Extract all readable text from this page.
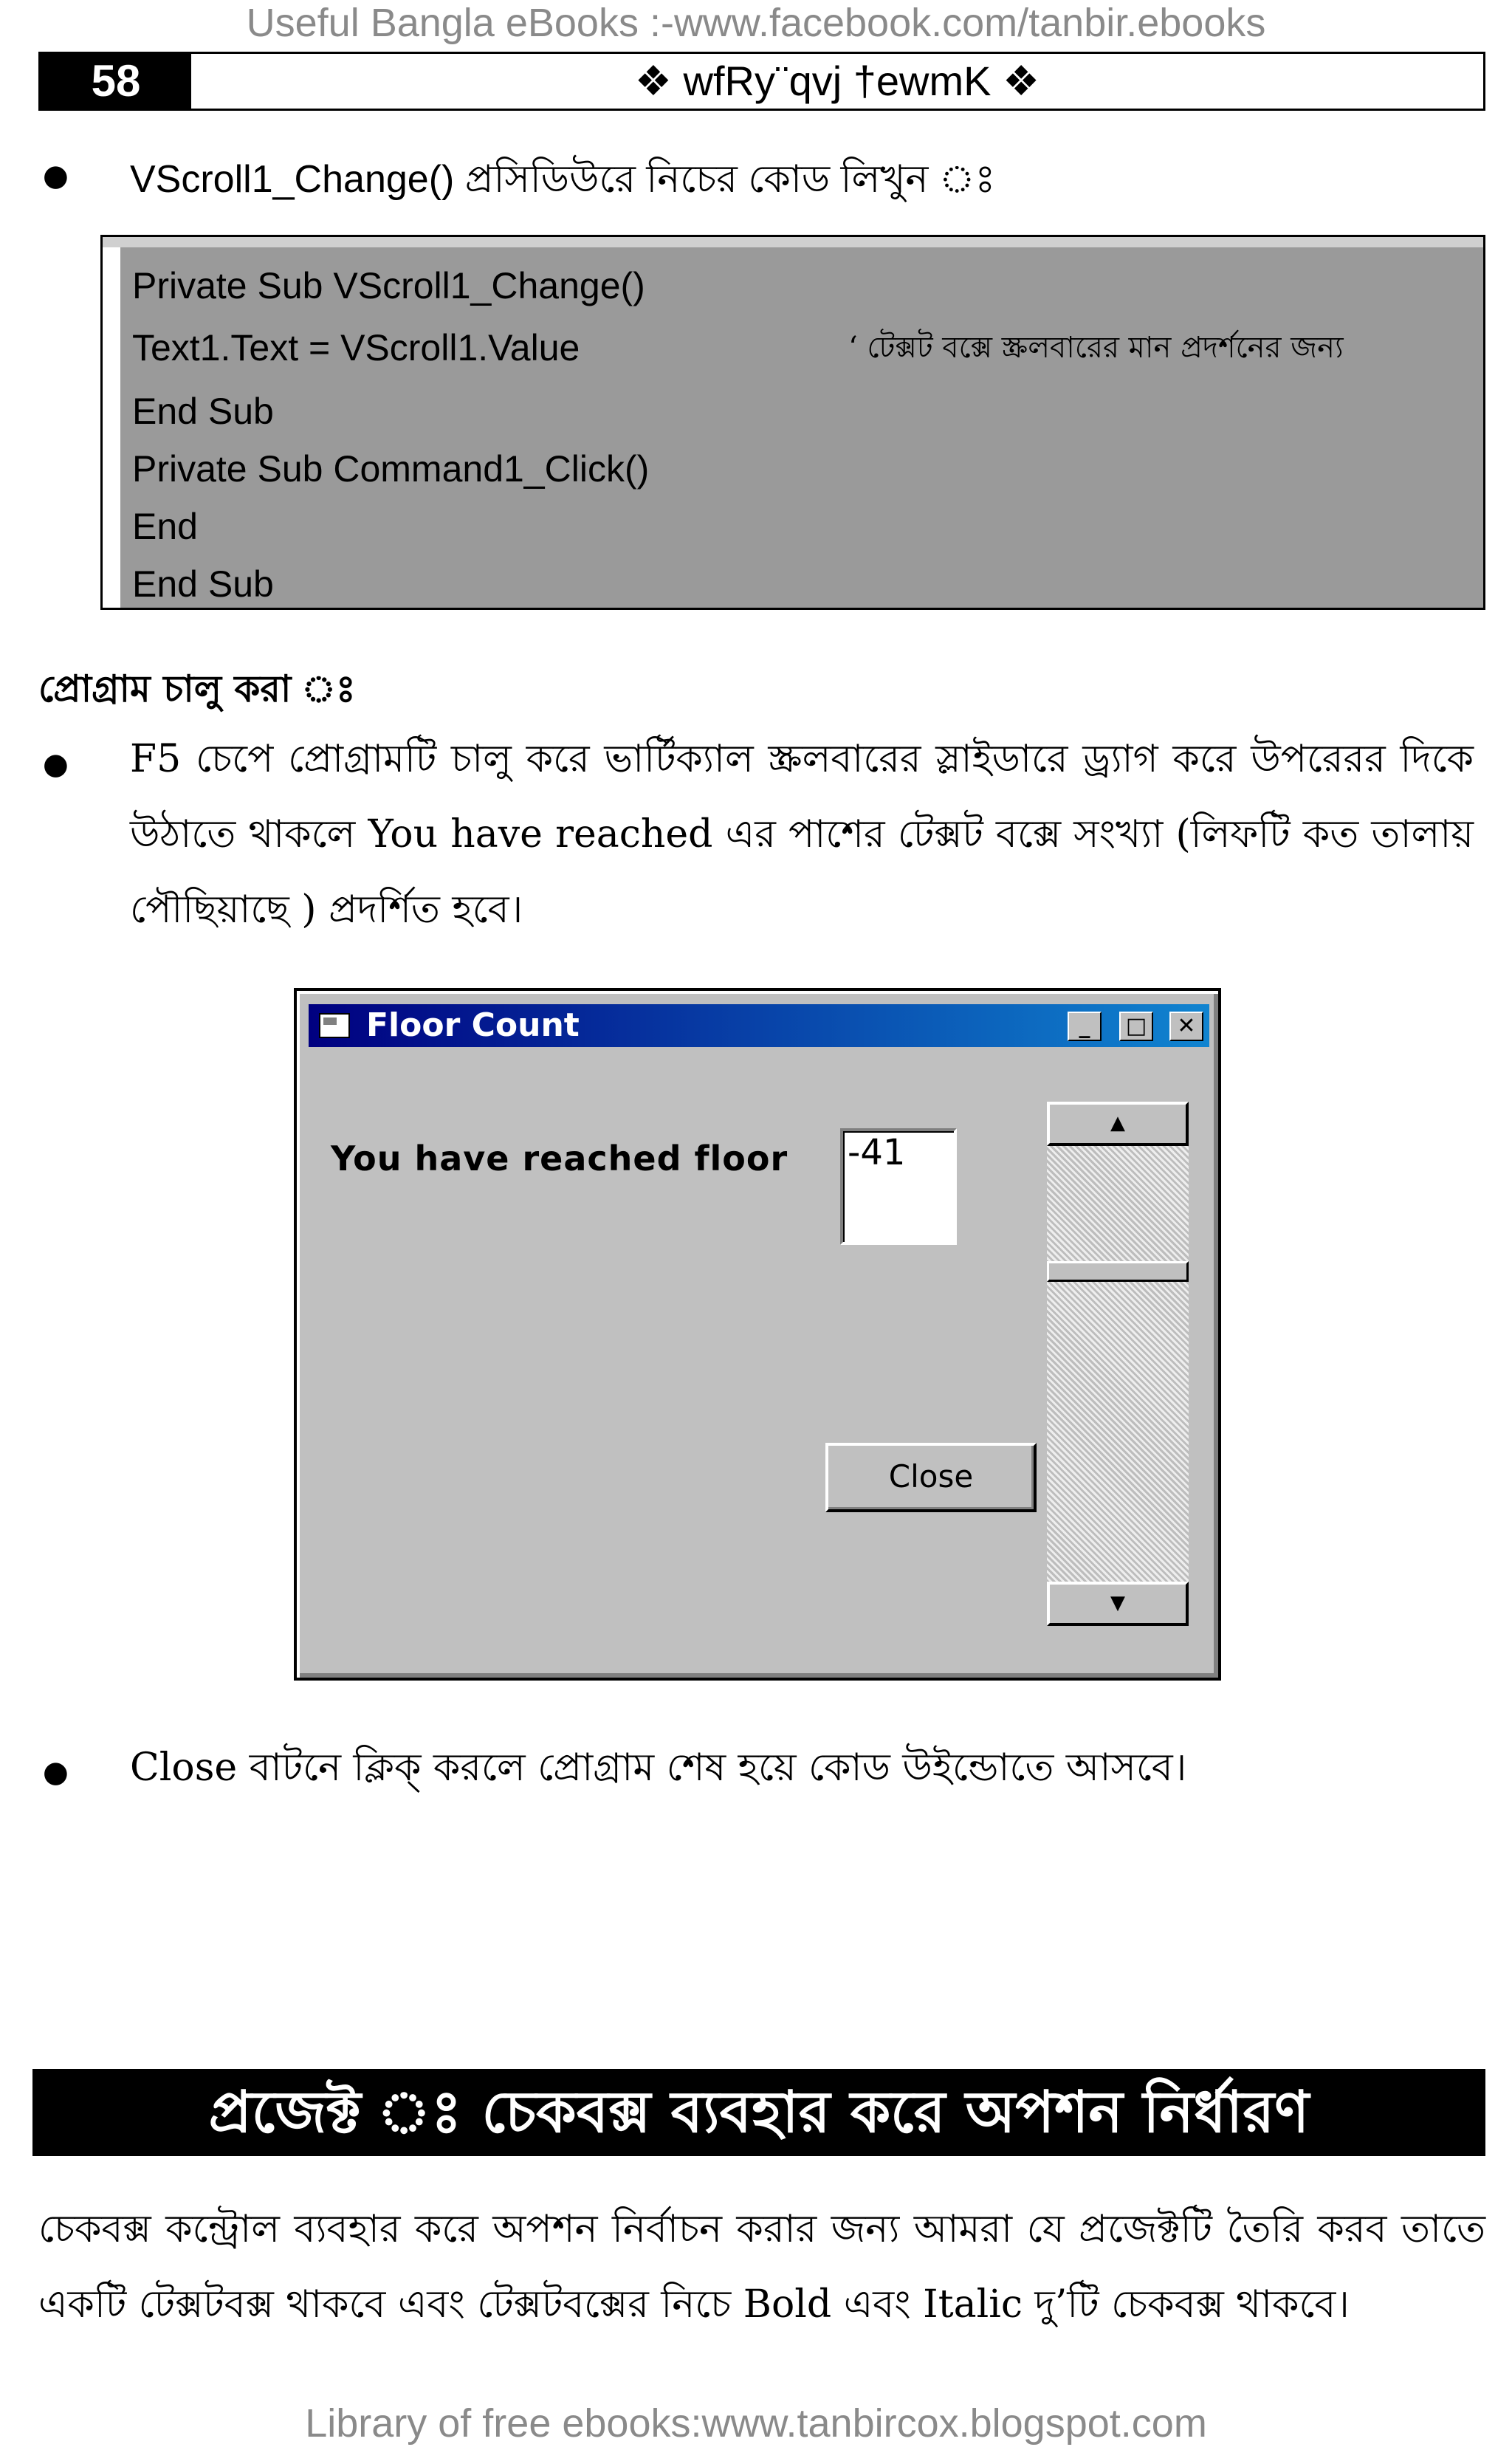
Useful Bangla eBooks :-www.facebook.com/tanbir.ebooks
58	❖ wfRy¨qvj †ewmK ❖
● VScroll1_Change() প্রসিডিউরে নিচের কোড লিখুন ঃ
Private Sub VScroll1_Change()
Text1.Text = VScroll1.Value	‘ টেক্সট বক্সে স্ক্রলবারের মান প্রদর্শনের জন্য
End Sub
Private Sub Command1_Click()
End
End Sub
প্রোগ্রাম চালু করা ঃ
● F5 চেপে প্রোগ্রামটি চালু করে ভার্টিক্যাল স্ক্রলবারের স্লাইডারে ড্র্যাগ করে উপরেরর দিকে উঠাতে থাকলে You have reached এর পাশের টেক্সট বক্সে সংখ্যা (লিফটি কত তালায় পৌছিয়াছে ) প্রদর্শিত হবে।
Floor Count	_	□	✕
You have reached floor -41
▲
▼
Close
● Close বাটনে ক্লিক্ করলে প্রোগ্রাম শেষ হয়ে কোড উইন্ডোতে আসবে।
প্রজেক্ট ঃ চেকবক্স ব্যবহার করে অপশন নির্ধারণ
চেকবক্স কন্ট্রোল ব্যবহার করে অপশন নির্বাচন করার জন্য আমরা যে প্রজেক্টটি তৈরি করব তাতে একটি টেক্সটবক্স থাকবে এবং টেক্সটবক্সের নিচে Bold এবং Italic দু’টি চেকবক্স থাকবে।
Library of free ebooks:www.tanbircox.blogspot.com
